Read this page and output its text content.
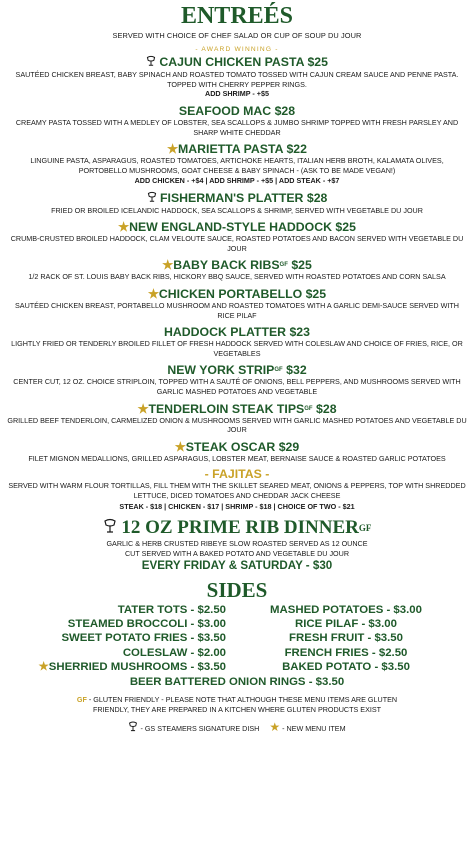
ENTREÉS
SERVED WITH CHOICE OF CHEF SALAD OR CUP OF SOUP DU JOUR
- AWARD WINNING -
CAJUN CHICKEN PASTA $25
SAUTÉED CHICKEN BREAST, BABY SPINACH AND ROASTED TOMATO TOSSED WITH CAJUN CREAM SAUCE AND PENNE PASTA. TOPPED WITH CHERRY PEPPER RINGS.
ADD SHRIMP - +$5
SEAFOOD MAC $28
CREAMY PASTA TOSSED WITH A MEDLEY OF LOBSTER, SEA SCALLOPS & JUMBO SHRIMP TOPPED WITH FRESH PARSLEY AND SHARP WHITE CHEDDAR
★MARIETTA PASTA $22
LINGUINE PASTA, ASPARAGUS, ROASTED TOMATOES, ARTICHOKE HEARTS, ITALIAN HERB BROTH, KALAMATA OLIVES, PORTOBELLO MUSHROOMS, GOAT CHEESE & BABY SPINACH - (ASK TO BE MADE VEGAN!)
ADD CHICKEN - +$4 | ADD SHRIMP - +$5 | ADD STEAK - +$7
FISHERMAN'S PLATTER $28
FRIED OR BROILED ICELANDIC HADDOCK, SEA SCALLOPS & SHRIMP, SERVED WITH VEGETABLE DU JOUR
★NEW ENGLAND-STYLE HADDOCK $25
CRUMB-CRUSTED BROILED HADDOCK, CLAM VELOUTE SAUCE, ROASTED POTATOES AND BACON SERVED WITH VEGETABLE DU JOUR
★BABY BACK $RIBS^{GF}$ $25
1/2 RACK OF ST. LOUIS BABY BACK RIBS, HICKORY BBQ SAUCE, SERVED WITH ROASTED POTATOES AND CORN SALSA
★CHICKEN PORTABELLO $25
SAUTÉED CHICKEN BREAST, PORTABELLO MUSHROOM AND ROASTED TOMATOES WITH A GARLIC DEMI-SAUCE SERVED WITH RICE PILAF
HADDOCK PLATTER $23
LIGHTLY FRIED OR TENDERLY BROILED FILLET OF FRESH HADDOCK SERVED WITH COLESLAW AND CHOICE OF FRIES, RICE, OR VEGETABLES
NEW YORK $STRIP^{GF}$ $32
CENTER CUT, 12 OZ. CHOICE STRIPLOIN, TOPPED WITH A SAUTÉ OF ONIONS, BELL PEPPERS, AND MUSHROOMS SERVED WITH GARLIC MASHED POTATOES AND VEGETABLE
★TENDERLOIN STEAK $TIPS^{GF}$ $28
GRILLED BEEF TENDERLOIN, CARMELIZED ONION & MUSHROOMS SERVED WITH GARLIC MASHED POTATOES AND VEGETABLE DU JOUR
★STEAK OSCAR $29
FILET MIGNON MEDALLIONS, GRILLED ASPARAGUS, LOBSTER MEAT, BERNAISE SAUCE & ROASTED GARLIC POTATOES
- FAJITAS -
SERVED WITH WARM FLOUR TORTILLAS, FILL THEM WITH THE SKILLET SEARED MEAT, ONIONS & PEPPERS, TOP WITH SHREDDED LETTUCE, DICED TOMATOES AND CHEDDAR JACK CHEESE
STEAK - $18 | CHICKEN - $17 | SHRIMP - $18 | CHOICE OF TWO - $21
12 OZ PRIME RIB $DINNER^{GF}$
GARLIC & HERB CRUSTED RIBEYE SLOW ROASTED SERVED AS 12 OUNCE CUT SERVED WITH A BAKED POTATO AND VEGETABLE DU JOUR
EVERY FRIDAY & SATURDAY - $30
SIDES
TATER TOTS - $2.50
STEAMED BROCCOLI - $3.00
SWEET POTATO FRIES - $3.50
COLESLAW - $2.00
★SHERRIED MUSHROOMS - $3.50
MASHED POTATOES - $3.00
RICE PILAF - $3.00
FRESH FRUIT - $3.50
FRENCH FRIES - $2.50
BAKED POTATO - $3.50
BEER BATTERED ONION RINGS - $3.50
GF - GLUTEN FRIENDLY - PLEASE NOTE THAT ALTHOUGH THESE MENU ITEMS ARE GLUTEN FRIENDLY, THEY ARE PREPARED IN A KITCHEN WHERE GLUTEN PRODUCTS EXIST
- GS STEAMERS SIGNATURE DISH ★ - NEW MENU ITEM
